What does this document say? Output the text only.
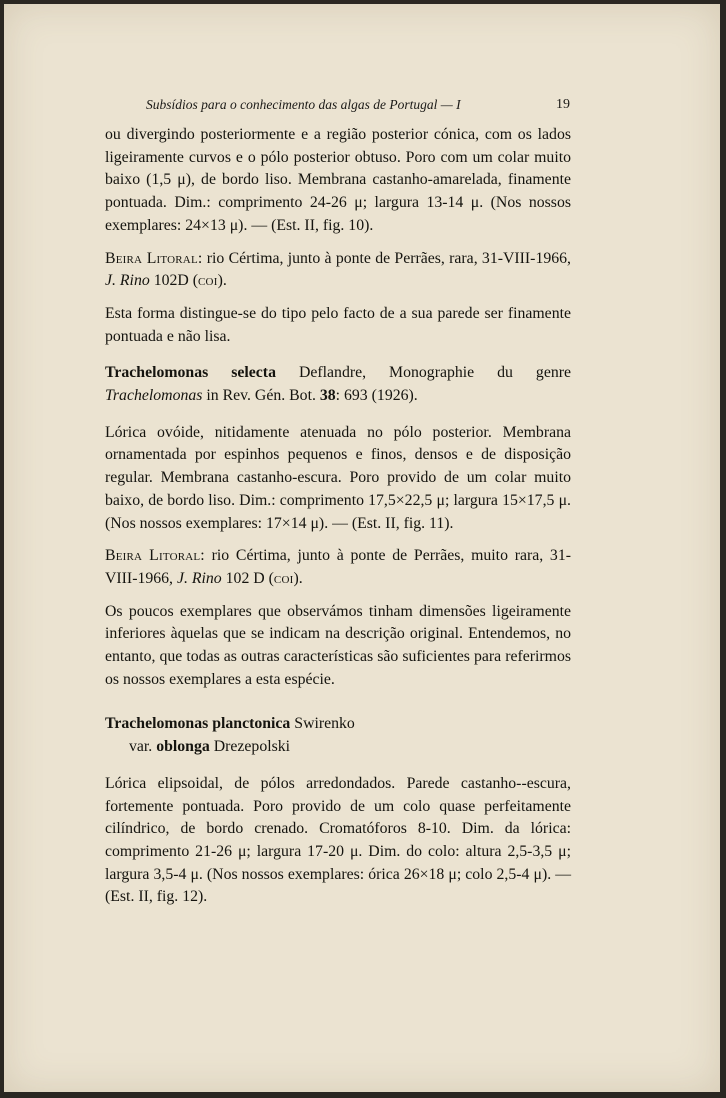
Subsídios para o conhecimento das algas de Portugal — I	19

ou divergindo posteriormente e a região posterior cónica, com os lados ligeiramente curvos e o pólo posterior obtuso. Poro com um colar muito baixo (1,5 μ), de bordo liso. Membrana castanho-amarelada, finamente pontuada. Dim.: comprimento 24-26 μ; largura 13-14 μ. (Nos nossos exemplares: 24×13 μ). — (Est. II, fig. 10).

Beira Litoral: rio Cértima, junto à ponte de Perrães, rara, 31-VIII-1966, J. Rino 102D (coi).

Esta forma distingue-se do tipo pelo facto de a sua parede ser finamente pontuada e não lisa.

Trachelomonas selecta Deflandre, Monographie du genre Trachelomonas in Rev. Gén. Bot. 38: 693 (1926).

Lórica ovóide, nitidamente atenuada no pólo posterior. Membrana ornamentada por espinhos pequenos e finos, densos e de disposição regular. Membrana castanho-escura. Poro provido de um colar muito baixo, de bordo liso. Dim.: comprimento 17,5×22,5 μ; largura 15×17,5 μ. (Nos nossos exemplares: 17×14 μ). — (Est. II, fig. 11).

Beira Litoral: rio Cértima, junto à ponte de Perrães, muito rara, 31-VIII-1966, J. Rino 102 D (coi).

Os poucos exemplares que observámos tinham dimensões ligeiramente inferiores àquelas que se indicam na descrição original. Entendemos, no entanto, que todas as outras características são suficientes para referirmos os nossos exemplares a esta espécie.

Trachelomonas planctonica Swirenko

var. oblonga Drezepolski

Lórica elipsoidal, de pólos arredondados. Parede castanho--escura, fortemente pontuada. Poro provido de um colo quase perfeitamente cilíndrico, de bordo crenado. Cromatóforos 8-10. Dim. da lórica: comprimento 21-26 μ; largura 17-20 μ. Dim. do colo: altura 2,5-3,5 μ; largura 3,5-4 μ. (Nos nossos exemplares: órica 26×18 μ; colo 2,5-4 μ). — (Est. II, fig. 12).
